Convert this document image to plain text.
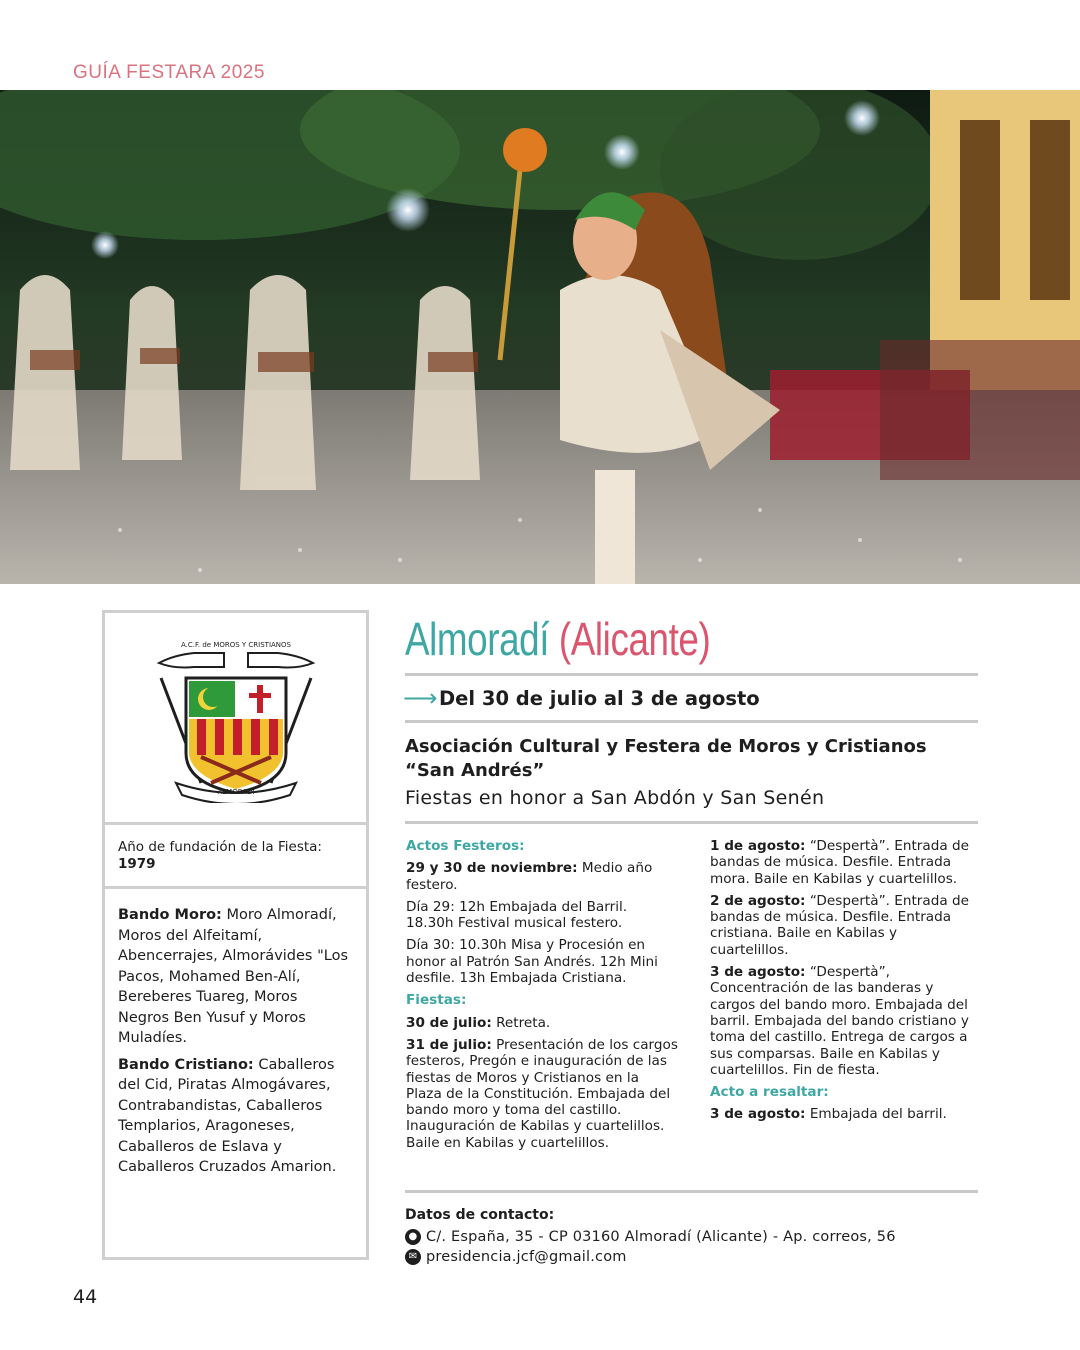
GUÍA FESTARA 2025
ALMORADÍ
A.C.F. de MOROS Y CRISTIANOS
Año de fundación de la Fiesta: 1979

Bando Moro: Moro Almoradí, Moros del Alfeitamí, Abencerrajes, Almorávides "Los Pacos, Mohamed Ben-Alí, Bereberes Tuareg, Moros Negros Ben Yusuf y Moros Muladíes.

Bando Cristiano: Caballeros del Cid, Piratas Almogávares, Contrabandistas, Caballeros Templarios, Aragoneses, Caballeros de Eslava y Caballeros Cruzados Amarion.

Almoradí (Alicante)
⟶ Del 30 de julio al 3 de agosto
Asociación Cultural y Festera de Moros y Cristianos “San Andrés”
Fiestas en honor a San Abdón y San Senén
Actos Festeros:

29 y 30 de noviembre: Medio año festero.

Día 29: 12h Embajada del Barril. 18.30h Festival musical festero.

Día 30: 10.30h Misa y Procesión en honor al Patrón San Andrés. 12h Mini desfile. 13h Embajada Cristiana.

Fiestas:

30 de julio: Retreta.

31 de julio: Presentación de los cargos festeros, Pregón e inauguración de las fiestas de Moros y Cristianos en la Plaza de la Constitución. Embajada del bando moro y toma del castillo. Inauguración de Kabilas y cuartelillos. Baile en Kabilas y cuartelillos.

1 de agosto: “Despertà”. Entrada de bandas de música. Desfile. Entrada mora. Baile en Kabilas y cuartelillos.

2 de agosto: “Despertà”. Entrada de bandas de música. Desfile. Entrada cristiana. Baile en Kabilas y cuartelillos.

3 de agosto: “Despertà”, Concentración de las banderas y cargos del bando moro. Embajada del barril. Embajada del bando cristiano y toma del castillo. Entrega de cargos a sus comparsas. Baile en Kabilas y cuartelillos. Fin de fiesta.

Acto a resaltar:

3 de agosto: Embajada del barril.

Datos de contacto:
● C/. España, 35 - CP 03160 Almoradí (Alicante) - Ap. correos, 56
✉ presidencia.jcf@gmail.com
44
